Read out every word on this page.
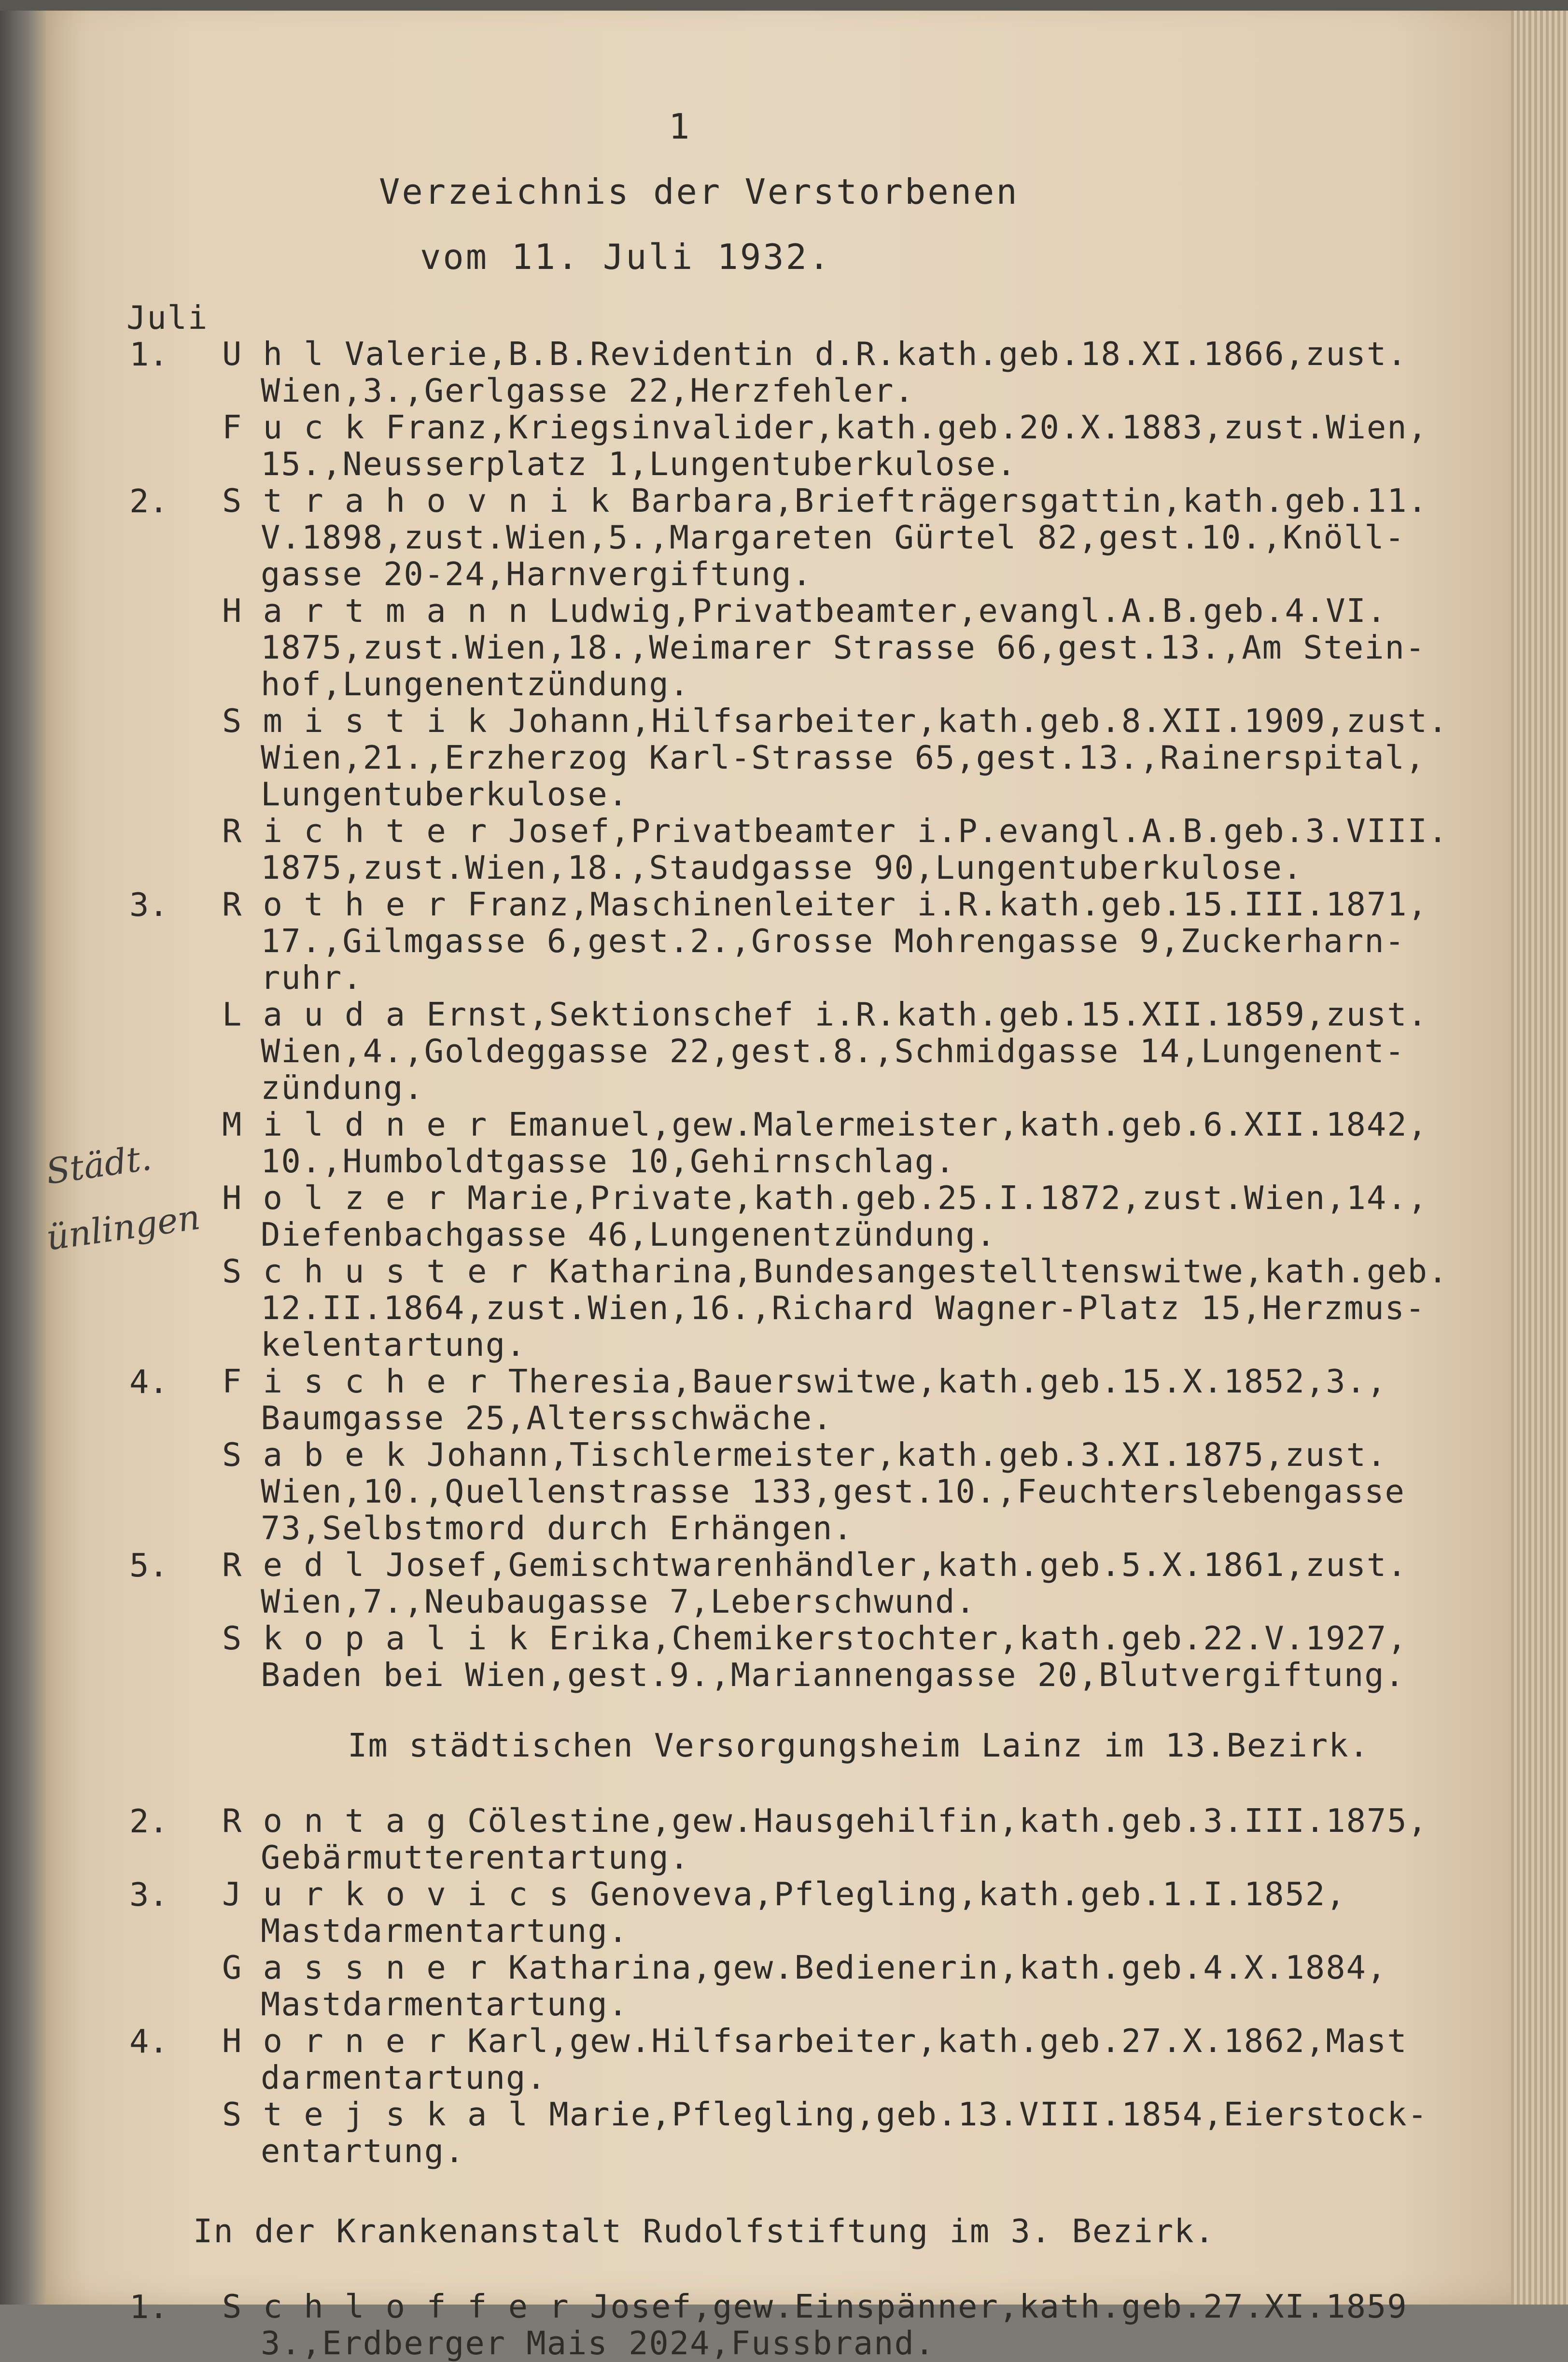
1
Verzeichnis der Verstorbenen
vom 11. Juli 1932.
Juli
Städt.
ünlingen
1. U h l Valerie,B.B.Revidentin d.R.kath.geb.18.XI.1866,zust.
Wien,3.,Gerlgasse 22,Herzfehler.
F u c k Franz,Kriegsinvalider,kath.geb.20.X.1883,zust.Wien,
15.,Neusserplatz 1,Lungentuberkulose.
2. S t r a h o v n i k Barbara,Briefträgersgattin,kath.geb.11.
V.1898,zust.Wien,5.,Margareten Gürtel 82,gest.10.,Knöll-
gasse 20-24,Harnvergiftung.
H a r t m a n n Ludwig,Privatbeamter,evangl.A.B.geb.4.VI.
1875,zust.Wien,18.,Weimarer Strasse 66,gest.13.,Am Stein-
hof,Lungenentzündung.
S m i s t i k Johann,Hilfsarbeiter,kath.geb.8.XII.1909,zust.
Wien,21.,Erzherzog Karl-Strasse 65,gest.13.,Rainerspital,
Lungentuberkulose.
R i c h t e r Josef,Privatbeamter i.P.evangl.A.B.geb.3.VIII.
1875,zust.Wien,18.,Staudgasse 90,Lungentuberkulose.
3. R o t h e r Franz,Maschinenleiter i.R.kath.geb.15.III.1871,
17.,Gilmgasse 6,gest.2.,Grosse Mohrengasse 9,Zuckerharn-
ruhr.
L a u d a Ernst,Sektionschef i.R.kath.geb.15.XII.1859,zust.
Wien,4.,Goldeggasse 22,gest.8.,Schmidgasse 14,Lungenent-
zündung.
M i l d n e r Emanuel,gew.Malermeister,kath.geb.6.XII.1842,
10.,Humboldtgasse 10,Gehirnschlag.
H o l z e r Marie,Private,kath.geb.25.I.1872,zust.Wien,14.,
Diefenbachgasse 46,Lungenentzündung.
S c h u s t e r Katharina,Bundesangestelltenswitwe,kath.geb.
12.II.1864,zust.Wien,16.,Richard Wagner-Platz 15,Herzmus-
kelentartung.
4. F i s c h e r Theresia,Bauerswitwe,kath.geb.15.X.1852,3.,
Baumgasse 25,Altersschwäche.
S a b e k Johann,Tischlermeister,kath.geb.3.XI.1875,zust.
Wien,10.,Quellenstrasse 133,gest.10.,Feuchterslebengasse
73,Selbstmord durch Erhängen.
5. R e d l Josef,Gemischtwarenhändler,kath.geb.5.X.1861,zust.
Wien,7.,Neubaugasse 7,Leberschwund.
S k o p a l i k Erika,Chemikerstochter,kath.geb.22.V.1927,
Baden bei Wien,gest.9.,Mariannengasse 20,Blutvergiftung.
Im städtischen Versorgungsheim Lainz im 13.Bezirk.
2. R o n t a g Cölestine,gew.Hausgehilfin,kath.geb.3.III.1875,
Gebärmutterentartung.
3. J u r k o v i c s Genoveva,Pflegling,kath.geb.1.I.1852,
Mastdarmentartung.
G a s s n e r Katharina,gew.Bedienerin,kath.geb.4.X.1884,
Mastdarmentartung.
4. H o r n e r Karl,gew.Hilfsarbeiter,kath.geb.27.X.1862,Mast
darmentartung.
S t e j s k a l Marie,Pflegling,geb.13.VIII.1854,Eierstock-
entartung.
In der Krankenanstalt Rudolfstiftung im 3. Bezirk.
1. S c h l o f f e r Josef,gew.Einspänner,kath.geb.27.XI.1859
3.,Erdberger Mais 2024,Fussbrand.
